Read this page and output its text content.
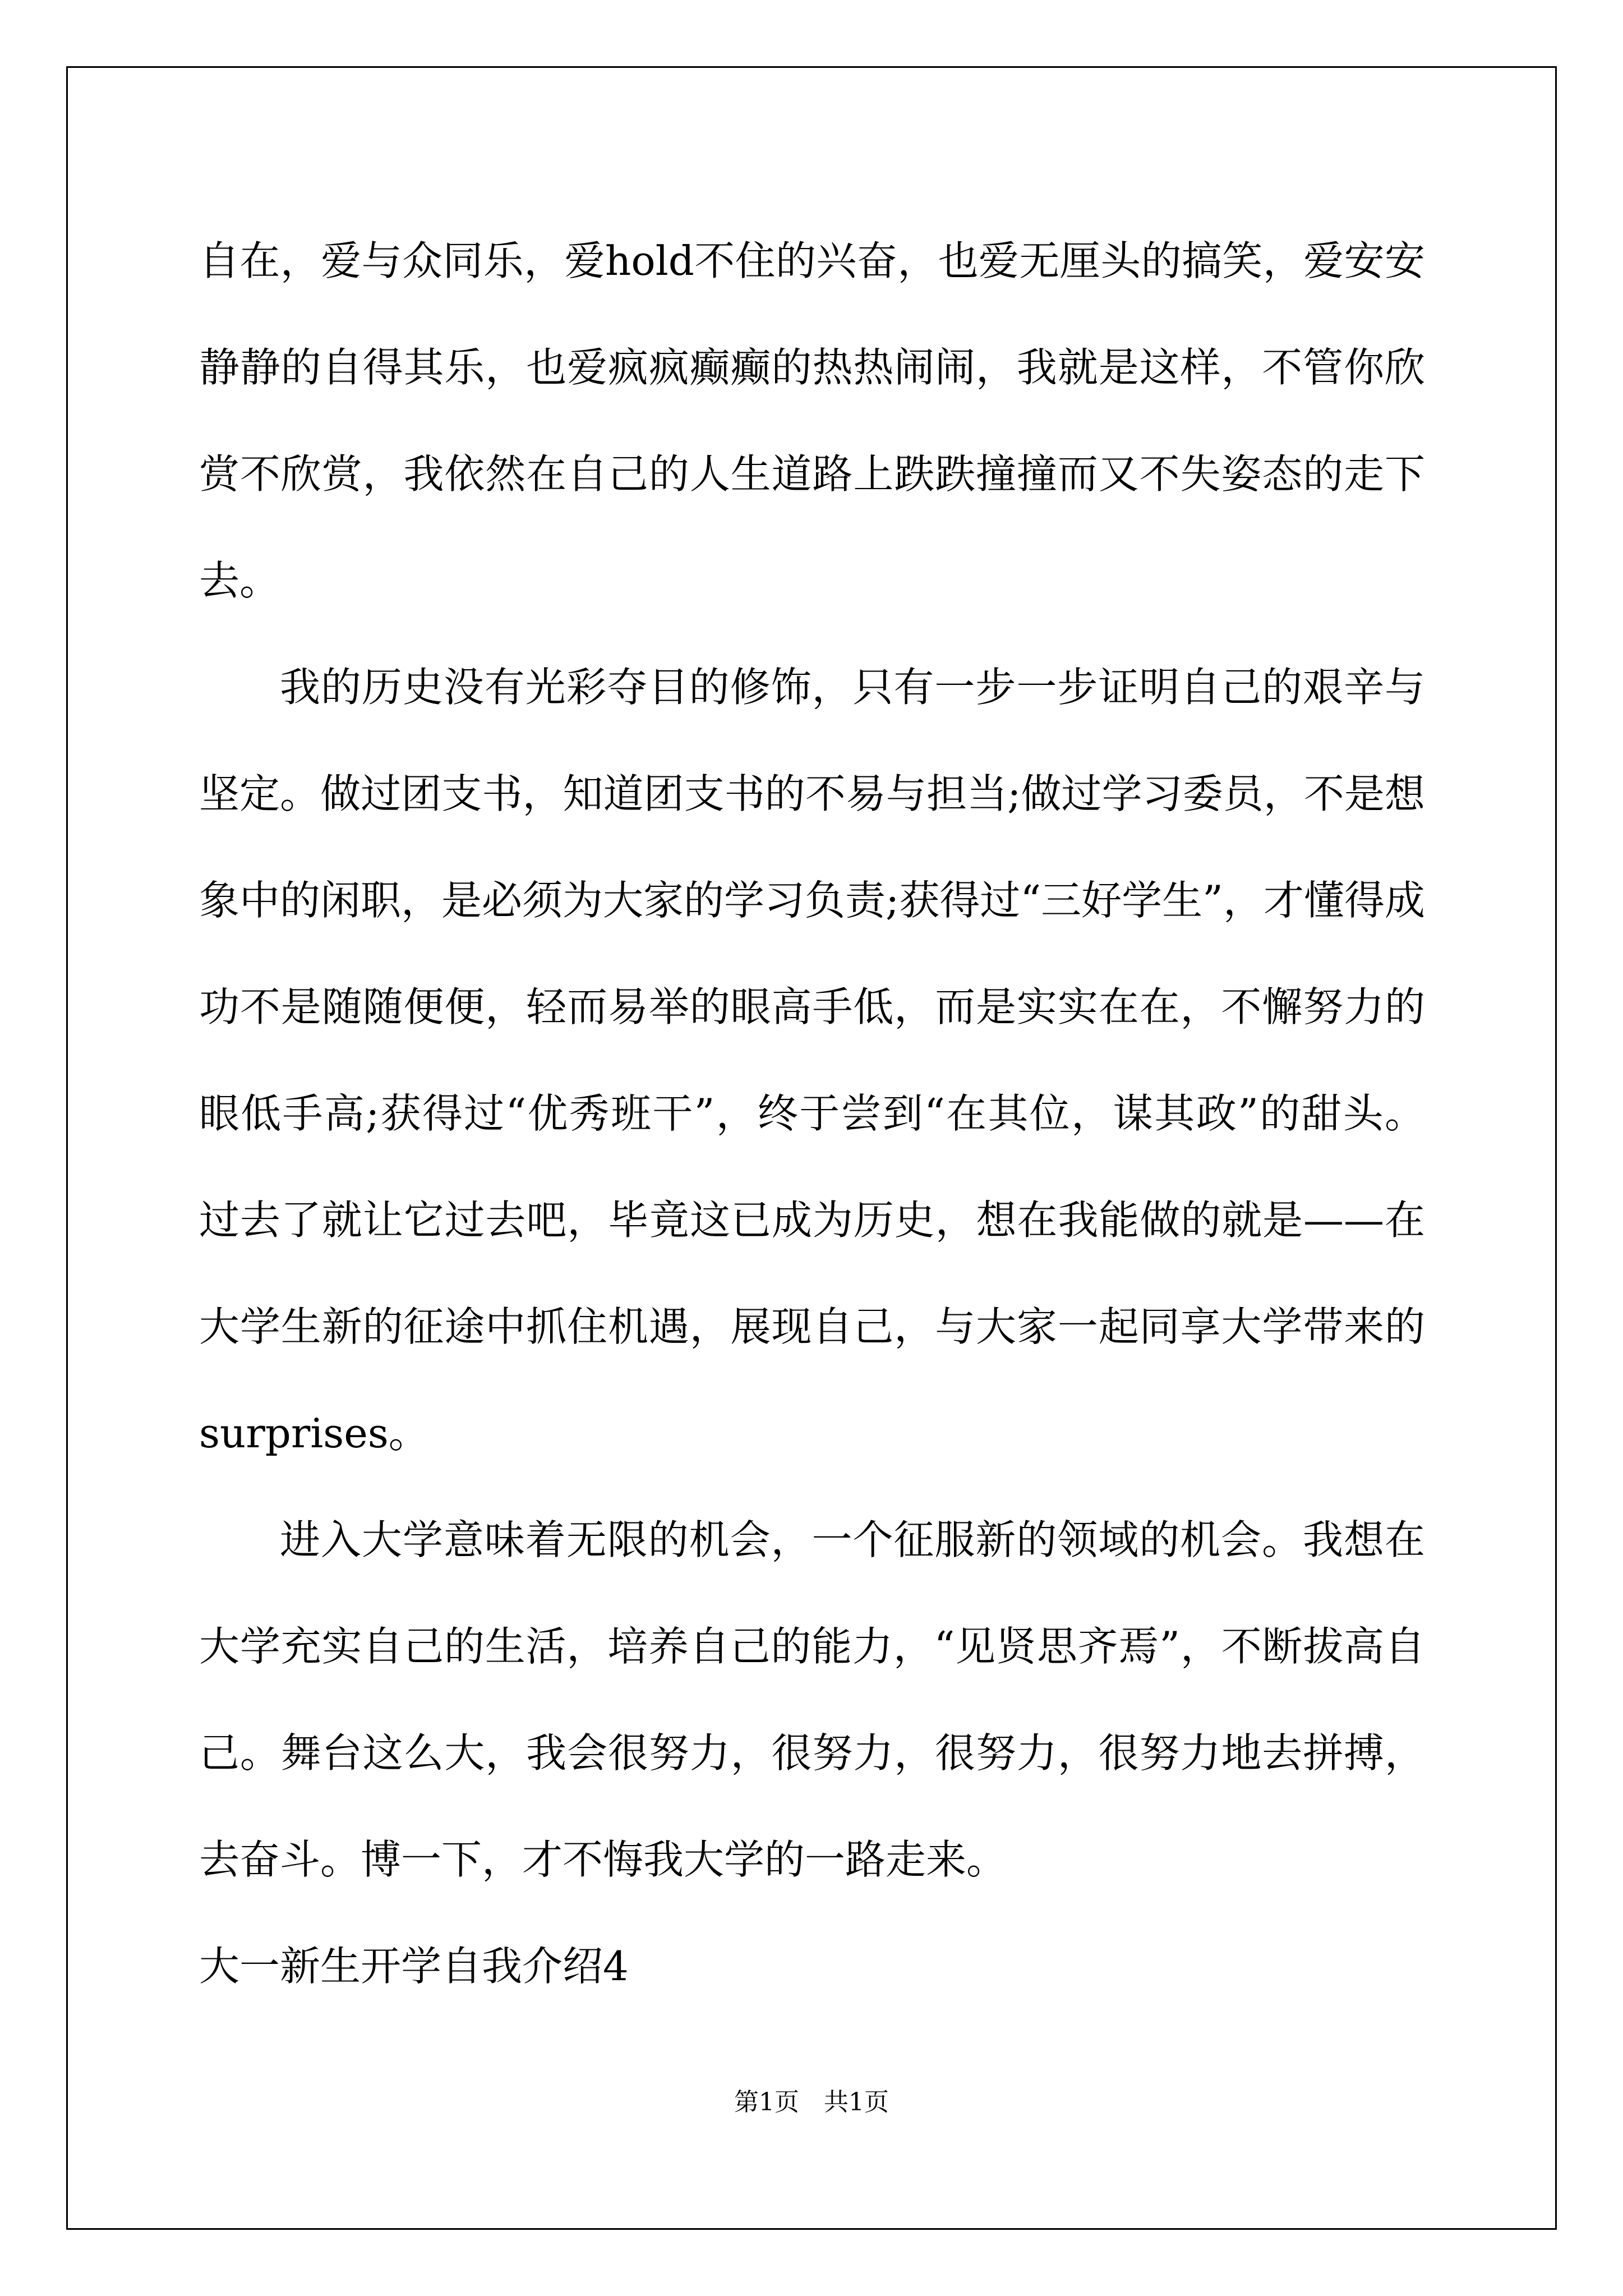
自在，爱与众同乐，爱hold不住的兴奋，也爱无厘头的搞笑，爱安安静静的自得其乐，也爱疯疯癫癫的热热闹闹，我就是这样，不管你欣赏不欣赏，我依然在自己的人生道路上跌跌撞撞而又不失姿态的走下去。

我的历史没有光彩夺目的修饰，只有一步一步证明自己的艰辛与坚定。做过团支书，知道团支书的不易与担当;做过学习委员，不是想象中的闲职，是必须为大家的学习负责;获得过“三好学生”，才懂得成功不是随随便便，轻而易举的眼高手低，而是实实在在，不懈努力的眼低手高;获得过“优秀班干”，终于尝到“在其位，谋其政”的甜头。过去了就让它过去吧，毕竟这已成为历史，想在我能做的就是——在大学生新的征途中抓住机遇，展现自己，与大家一起同享大学带来的surprises。

进入大学意味着无限的机会，一个征服新的领域的机会。我想在大学充实自己的生活，培养自己的能力，“见贤思齐焉”，不断拔高自己。舞台这么大，我会很努力，很努力，很努力，很努力地去拼搏，去奋斗。博一下，才不悔我大学的一路走来。

大一新生开学自我介绍4

第1页　共1页
